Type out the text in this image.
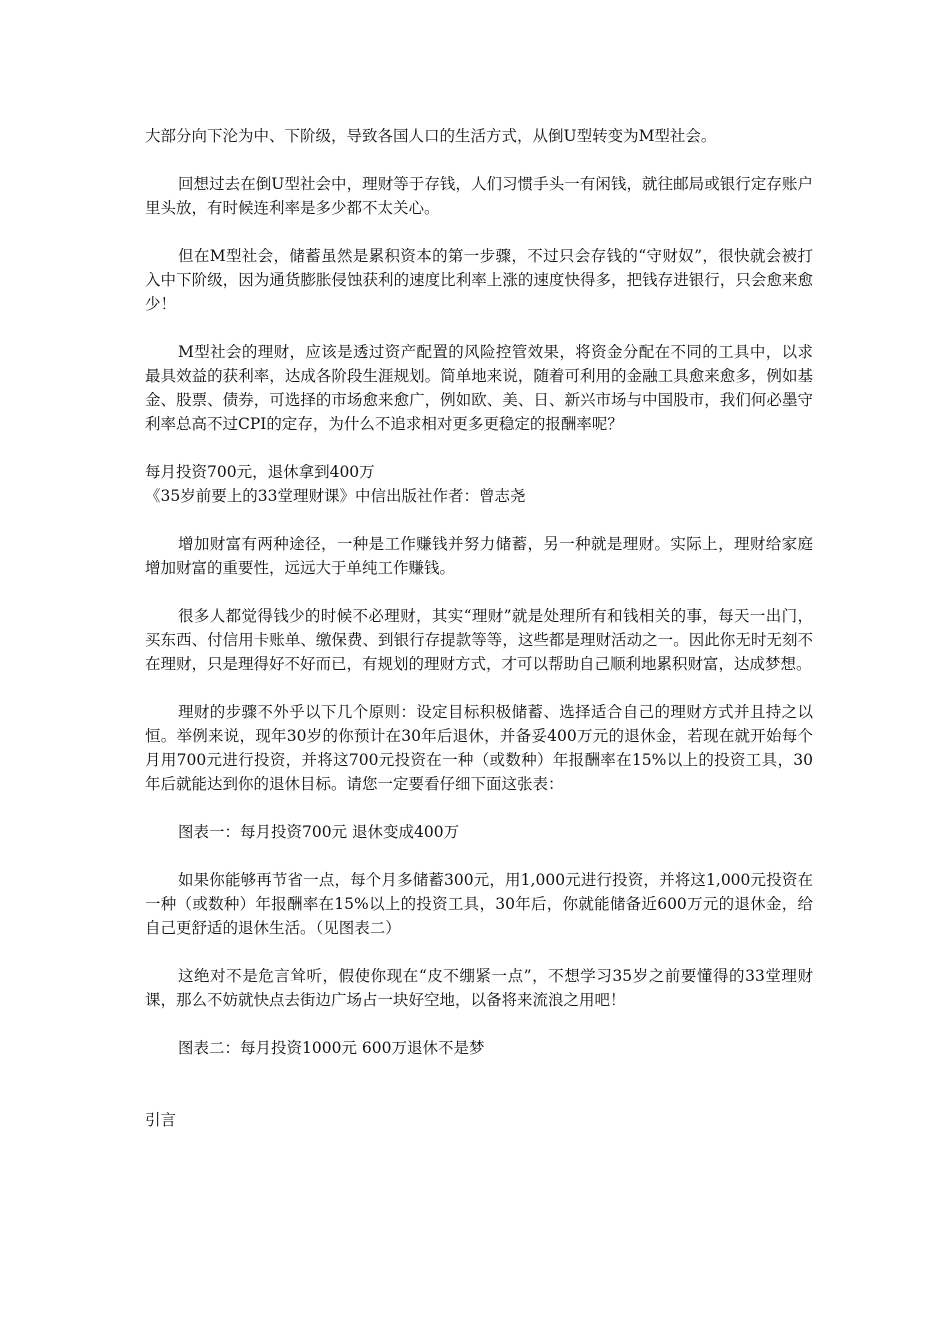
大部分向下沦为中、下阶级，导致各国人口的生活方式，从倒U型转变为M型社会。

回想过去在倒U型社会中，理财等于存钱，人们习惯手头一有闲钱，就往邮局或银行定存账户里头放，有时候连利率是多少都不太关心。

但在M型社会，储蓄虽然是累积资本的第一步骤，不过只会存钱的“守财奴”，很快就会被打入中下阶级，因为通货膨胀侵蚀获利的速度比利率上涨的速度快得多，把钱存进银行，只会愈来愈少！

M型社会的理财，应该是透过资产配置的风险控管效果，将资金分配在不同的工具中，以求最具效益的获利率，达成各阶段生涯规划。简单地来说，随着可利用的金融工具愈来愈多，例如基金、股票、债券，可选择的市场愈来愈广，例如欧、美、日、新兴市场与中国股市，我们何必墨守利率总高不过CPI的定存，为什么不追求相对更多更稳定的报酬率呢？

每月投资700元，退休拿到400万

《35岁前要上的33堂理财课》中信出版社作者：曾志尧

增加财富有两种途径，一种是工作赚钱并努力储蓄，另一种就是理财。实际上，理财给家庭增加财富的重要性，远远大于单纯工作赚钱。

很多人都觉得钱少的时候不必理财，其实“理财”就是处理所有和钱相关的事，每天一出门，买东西、付信用卡账单、缴保费、到银行存提款等等，这些都是理财活动之一。因此你无时无刻不在理财，只是理得好不好而已，有规划的理财方式，才可以帮助自己顺利地累积财富，达成梦想。

理财的步骤不外乎以下几个原则：设定目标积极储蓄、选择适合自己的理财方式并且持之以恒。举例来说，现年30岁的你预计在30年后退休，并备妥400万元的退休金，若现在就开始每个月用700元进行投资，并将这700元投资在一种（或数种）年报酬率在15%以上的投资工具，30年后就能达到你的退休目标。请您一定要看仔细下面这张表：

图表一：每月投资700元 退休变成400万

如果你能够再节省一点，每个月多储蓄300元，用1,000元进行投资，并将这1,000元投资在一种（或数种）年报酬率在15%以上的投资工具，30年后，你就能储备近600万元的退休金，给自己更舒适的退休生活。（见图表二）

这绝对不是危言耸听，假使你现在“皮不绷紧一点”，不想学习35岁之前要懂得的33堂理财课，那么不妨就快点去街边广场占一块好空地，以备将来流浪之用吧！

图表二：每月投资1000元 600万退休不是梦

引言
